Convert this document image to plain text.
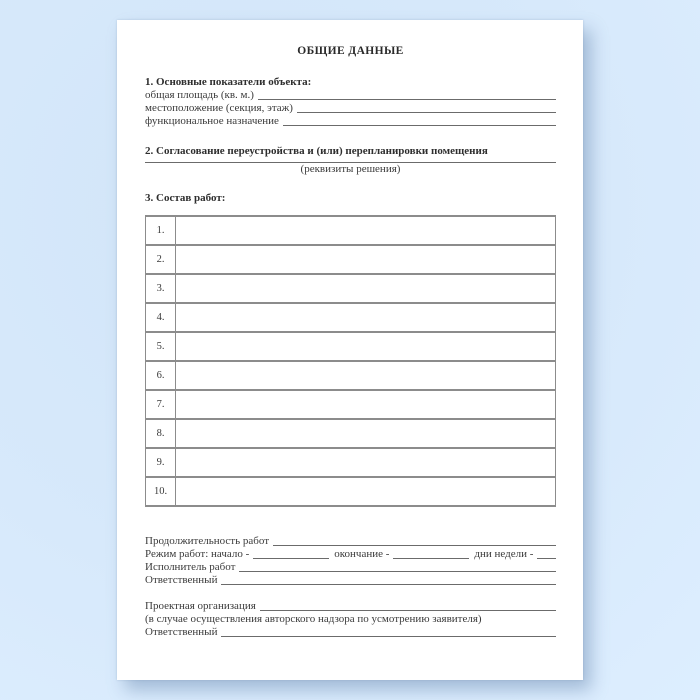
ОБЩИЕ ДАННЫЕ
1. Основные показатели объекта:
общая площадь (кв. м.)
местоположение (секция, этаж)
функциональное назначение
2. Согласование переустройства и (или) перепланировки помещения
(реквизиты решения)
3. Состав работ:
1.	
2.	
3.	
4.	
5.	
6.	
7.	
8.	
9.	
10.	
Продолжительность работ
Режим работ: начало -	окончание -	дни недели -
Исполнитель работ
Ответственный
Проектная организация
(в случае осуществления авторского надзора по усмотрению заявителя)
Ответственный
